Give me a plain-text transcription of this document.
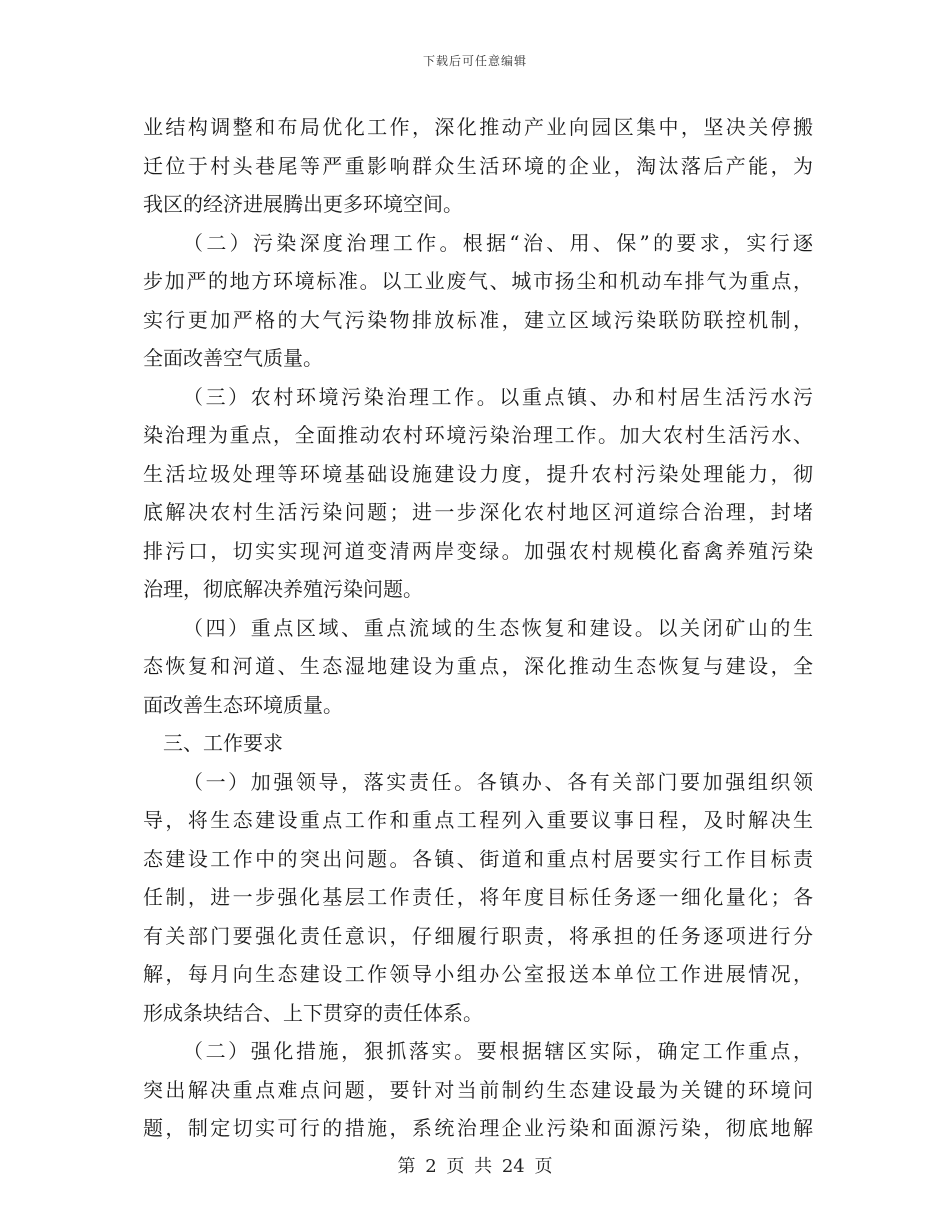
下载后可任意编辑
业结构调整和布局优化工作，深化推动产业向园区集中，坚决关停搬
迁位于村头巷尾等严重影响群众生活环境的企业，淘汰落后产能，为
我区的经济进展腾出更多环境空间。
（二）污染深度治理工作。根据“治、用、保”的要求，实行逐
步加严的地方环境标准。以工业废气、城市扬尘和机动车排气为重点，
实行更加严格的大气污染物排放标准，建立区域污染联防联控机制，
全面改善空气质量。
（三）农村环境污染治理工作。以重点镇、办和村居生活污水污
染治理为重点，全面推动农村环境污染治理工作。加大农村生活污水、
生活垃圾处理等环境基础设施建设力度，提升农村污染处理能力，彻
底解决农村生活污染问题；进一步深化农村地区河道综合治理，封堵
排污口，切实实现河道变清两岸变绿。加强农村规模化畜禽养殖污染
治理，彻底解决养殖污染问题。
（四）重点区域、重点流域的生态恢复和建设。以关闭矿山的生
态恢复和河道、生态湿地建设为重点，深化推动生态恢复与建设，全
面改善生态环境质量。
三、工作要求
（一）加强领导，落实责任。各镇办、各有关部门要加强组织领
导，将生态建设重点工作和重点工程列入重要议事日程，及时解决生
态建设工作中的突出问题。各镇、街道和重点村居要实行工作目标责
任制，进一步强化基层工作责任，将年度目标任务逐一细化量化；各
有关部门要强化责任意识，仔细履行职责，将承担的任务逐项进行分
解，每月向生态建设工作领导小组办公室报送本单位工作进展情况，
形成条块结合、上下贯穿的责任体系。
（二）强化措施，狠抓落实。要根据辖区实际，确定工作重点，
突出解决重点难点问题，要针对当前制约生态建设最为关键的环境问
题，制定切实可行的措施，系统治理企业污染和面源污染，彻底地解
第 2 页 共 24 页
